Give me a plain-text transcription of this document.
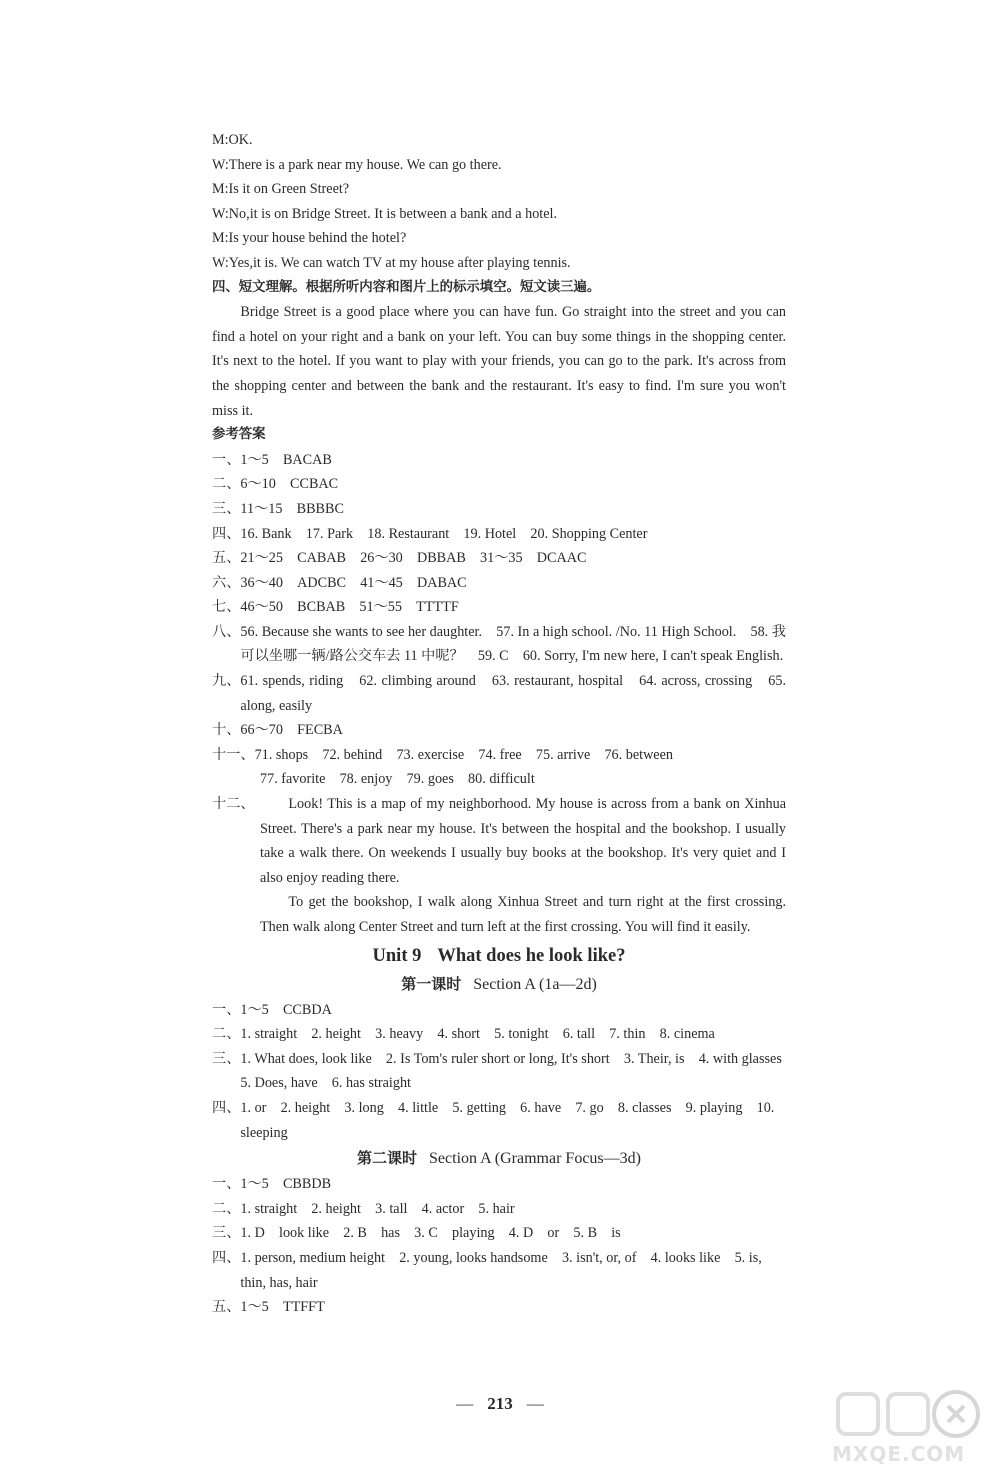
M:OK.
W:There is a park near my house. We can go there.
M:Is it on Green Street?
W:No,it is on Bridge Street. It is between a bank and a hotel.
M:Is your house behind the hotel?
W:Yes,it is. We can watch TV at my house after playing tennis.
四、短文理解。根据所听内容和图片上的标示填空。短文读三遍。
Bridge Street is a good place where you can have fun. Go straight into the street and you can find a hotel on your right and a bank on your left. You can buy some things in the shopping center. It's next to the hotel. If you want to play with your friends, you can go to the park. It's across from the shopping center and between the bank and the restaurant. It's easy to find. I'm sure you won't miss it.
参考答案
一、 1～5　BACAB
二、 6～10　CCBAC
三、 11～15　BBBBC
四、 16. Bank　17. Park　18. Restaurant　19. Hotel　20. Shopping Center
五、 21～25　CABAB　26～30　DBBAB　31～35　DCAAC
六、 36～40　ADCBC　41～45　DABAC
七、 46～50　BCBAB　51～55　TTTTF
八、 56. Because she wants to see her daughter.　57. In a high school. /No. 11 High School.　58. 我可以坐哪一辆/路公交车去 11 中呢？　59. C　60. Sorry, I'm new here, I can't speak English.
九、 61. spends, riding　62. climbing around　63. restaurant, hospital　64. across, crossing　65. along, easily
十、 66～70　FECBA
十一、 71. shops　72. behind　73. exercise　74. free　75. arrive　76. between
77. favorite　78. enjoy　79. goes　80. difficult
十二、	Look! This is a map of my neighborhood. My house is across from a bank on Xinhua Street. There's a park near my house. It's between the hospital and the bookshop. I usually take a walk there. On weekends I usually buy books at the bookshop. It's very quiet and I also enjoy reading there.

To get the bookshop, I walk along Xinhua Street and turn right at the first crossing. Then walk along Center Street and turn left at the first crossing. You will find it easily.

Unit 9 What does he look like?
第一课时 Section A (1a—2d)
一、 1～5　CCBDA
二、 1. straight　2. height　3. heavy　4. short　5. tonight　6. tall　7. thin　8. cinema
三、 1. What does, look like　2. Is Tom's ruler short or long, It's short　3. Their, is　4. with glasses　5. Does, have　6. has straight
四、 1. or　2. height　3. long　4. little　5. getting　6. have　7. go　8. classes　9. playing　10. sleeping
第二课时 Section A (Grammar Focus—3d)
一、 1～5　CBBDB
二、 1. straight　2. height　3. tall　4. actor　5. hair
三、 1. D　look like　2. B　has　3. C　playing　4. D　or　5. B　is
四、 1. person, medium height　2. young, looks handsome　3. isn't, or, of　4. looks like　5. is, thin, has, hair
五、 1～5　TTFFT
— 213 —
MXQE.COM
